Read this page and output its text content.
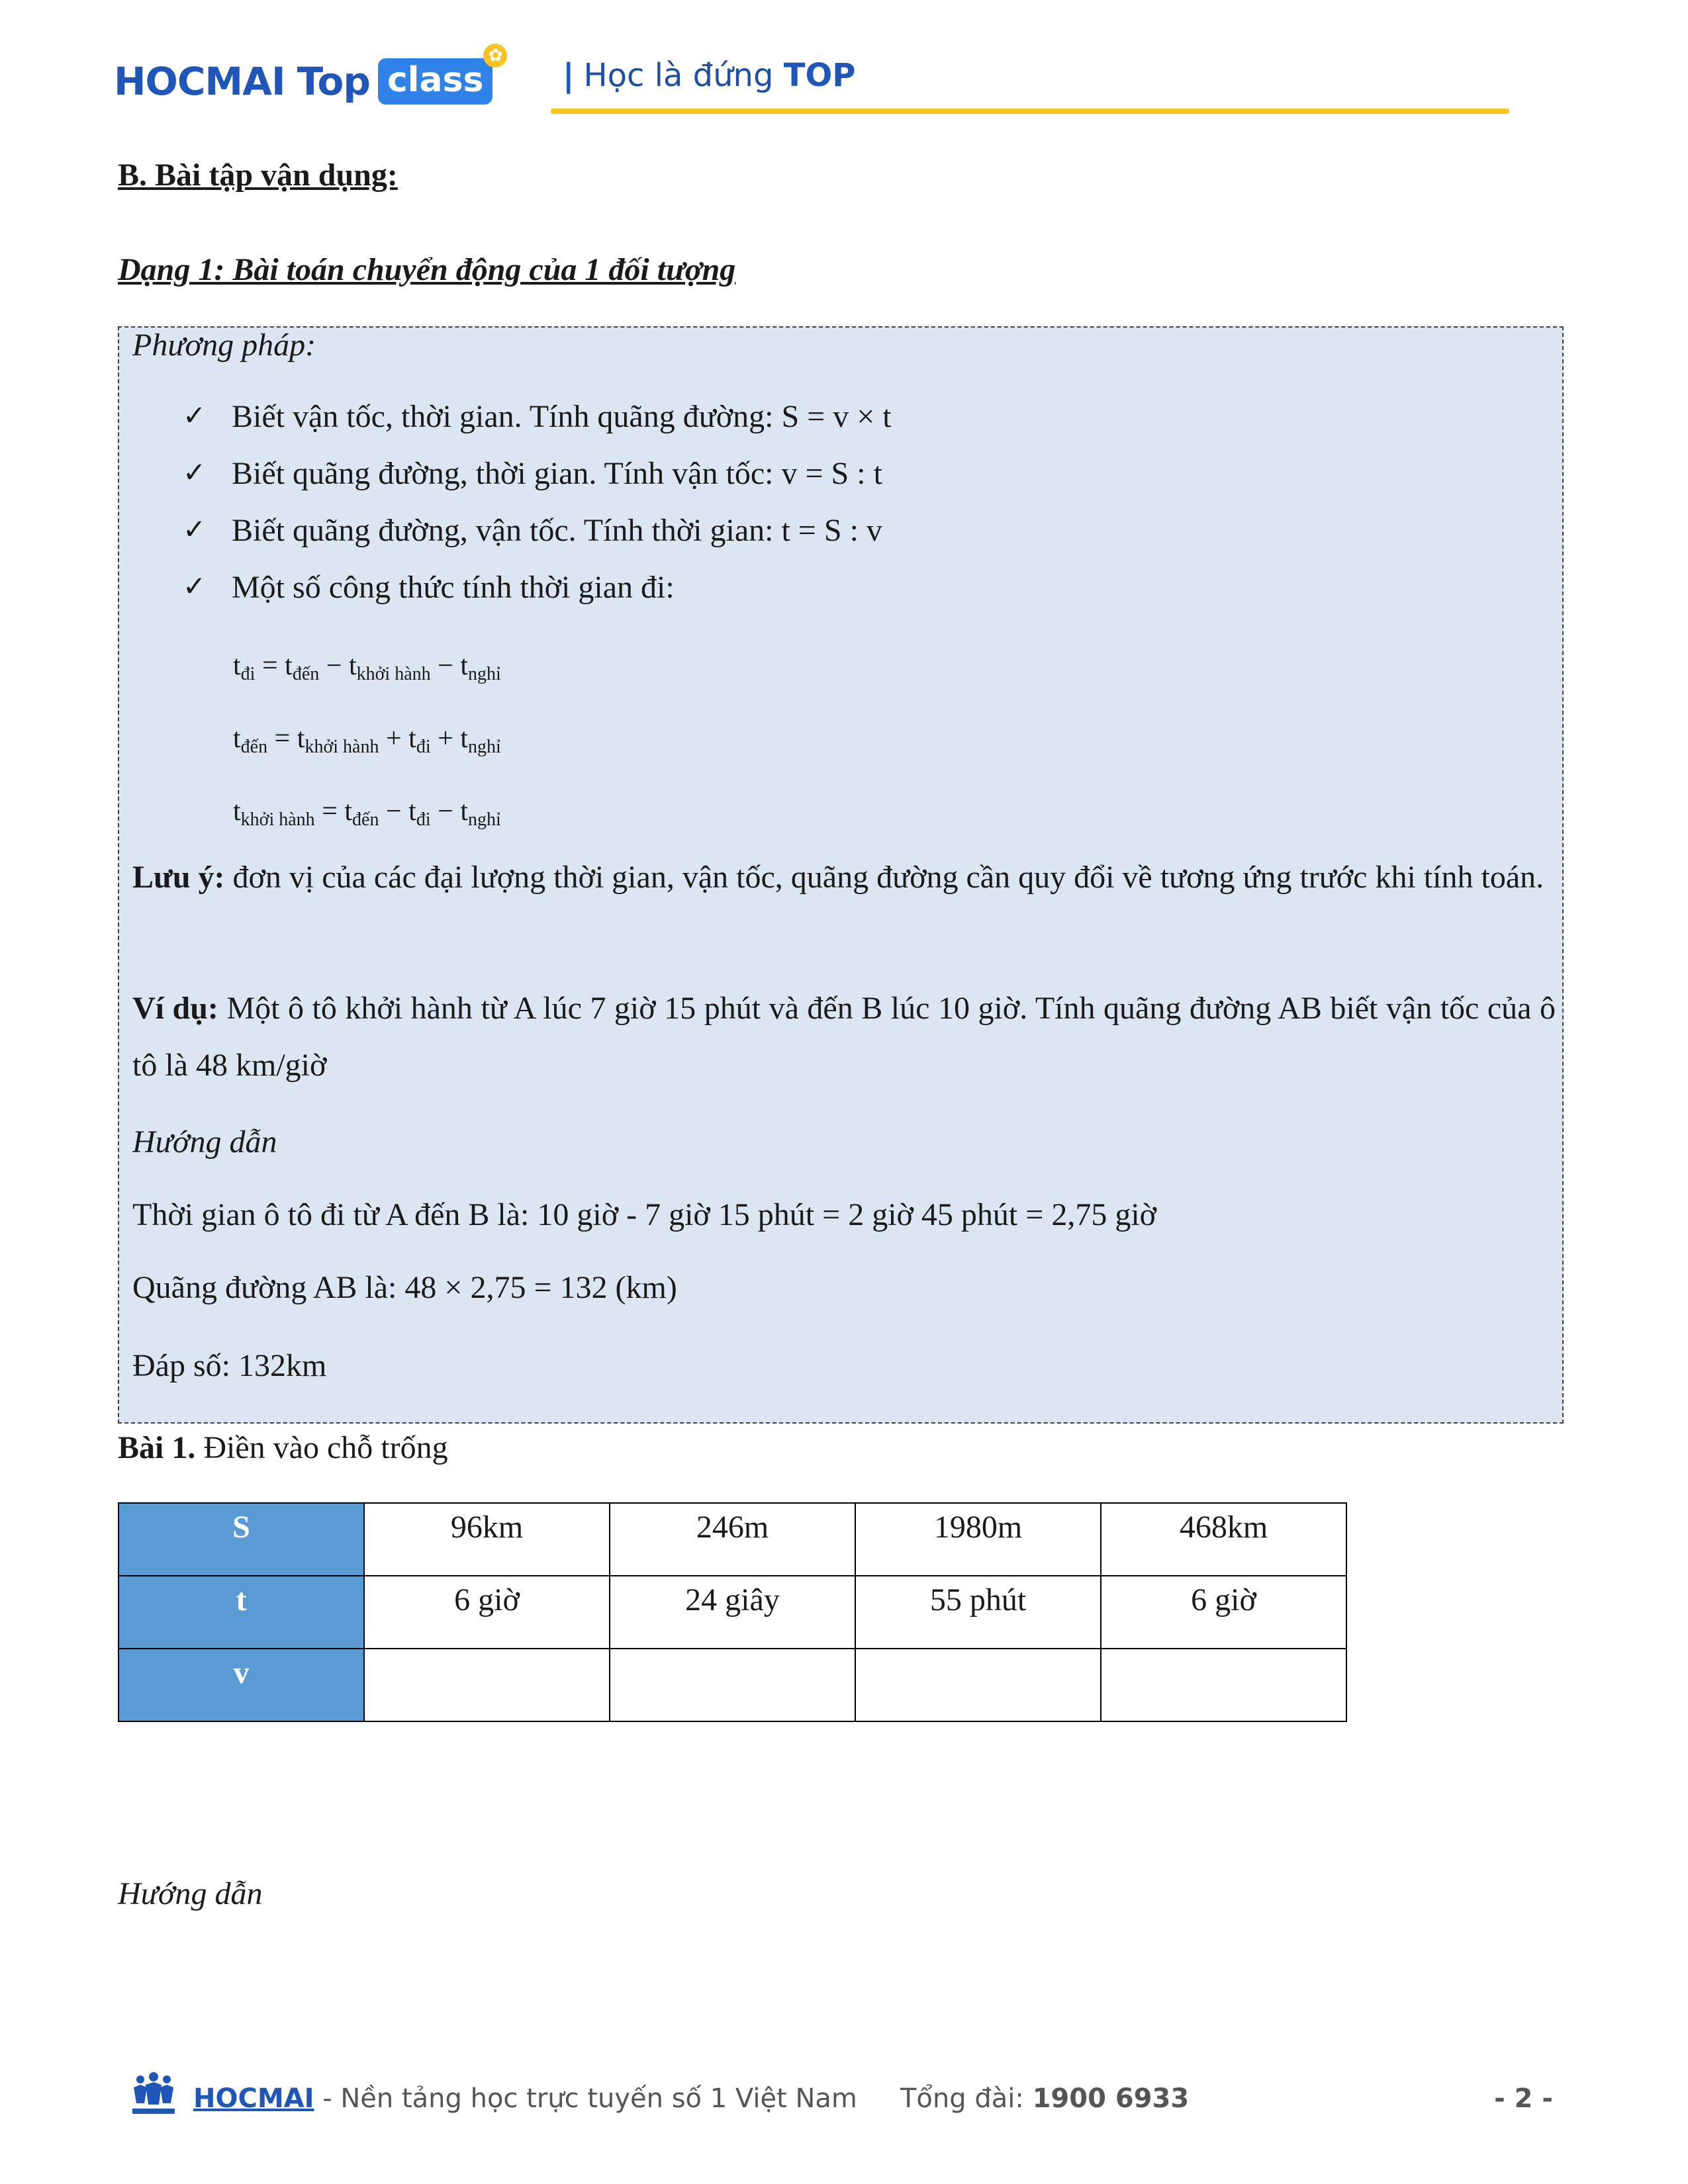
HOCMAI Top class
✿
| Học là đứng TOP
B. Bài tập vận dụng:
Dạng 1: Bài toán chuyển động của 1 đối tượng
Phương pháp:
✓ Biết vận tốc, thời gian. Tính quãng đường: S = v × t
✓ Biết quãng đường, thời gian. Tính vận tốc: v = S : t
✓ Biết quãng đường, vận tốc. Tính thời gian: t = S : v
✓ Một số công thức tính thời gian đi:
$t_{đi} = t_{đến} - t_{khởi hành} - t_{nghỉ}$
$t_{đến} = t_{khởi hành} + t_{đi} + t_{nghỉ}$
$t_{khởi hành} = t_{đến} - t_{đi} - t_{nghỉ}$
Lưu ý: đơn vị của các đại lượng thời gian, vận tốc, quãng đường cần quy đổi về tương ứng trước khi tính toán.
Ví dụ: Một ô tô khởi hành từ A lúc 7 giờ 15 phút và đến B lúc 10 giờ. Tính quãng đường AB biết vận tốc của ô tô là 48 km/giờ
Hướng dẫn
Thời gian ô tô đi từ A đến B là: 10 giờ - 7 giờ 15 phút = 2 giờ 45 phút = 2,75 giờ
Quãng đường AB là: 48 × 2,75 = 132 (km)
Đáp số: 132km
Bài 1. Điền vào chỗ trống
S	96km	246m	1980m	468km
t	6 giờ	24 giây	55 phút	6 giờ
v				
Hướng dẫn
HOCMAI - Nền tảng học trực tuyến số 1 Việt Nam Tổng đài: 1900 6933	- 2 -
